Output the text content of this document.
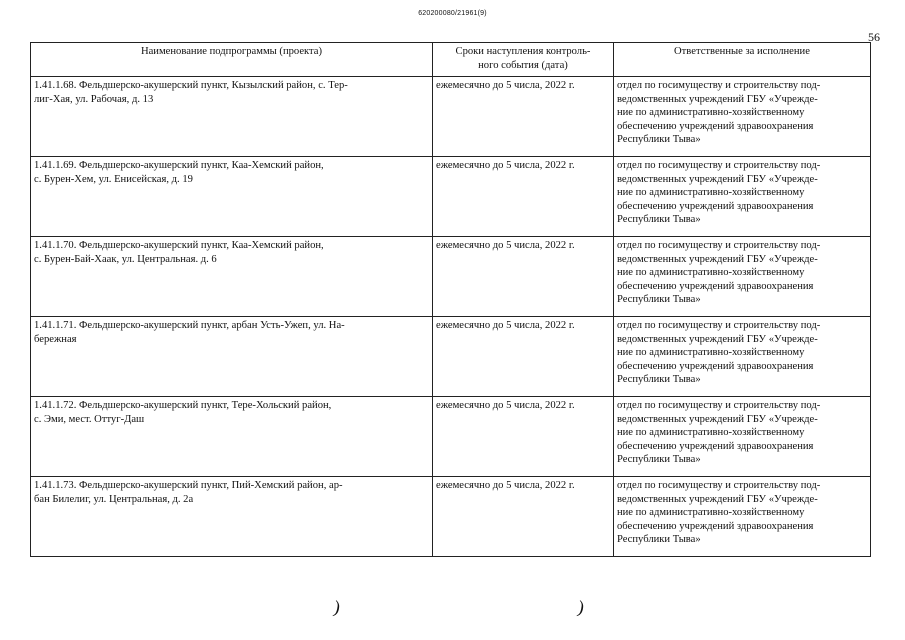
620200080/21961(9)
56
Наименование подпрограммы (проекта)	Сроки наступления контроль-
ного события (дата)	Ответственные за исполнение
1.41.1.68. Фельдшерско-акушерский пункт, Кызылский район, с. Тер-
лиг-Хая, ул. Рабочая, д. 13	ежемесячно до 5 числа, 2022 г.	отдел по госимуществу и строительству под-
ведомственных учреждений ГБУ «Учрежде-
ние по административно-хозяйственному
обеспечению учреждений здравоохранения
Республики Тыва»
1.41.1.69. Фельдшерско-акушерский пункт, Каа-Хемский район,
с. Бурен-Хем, ул. Енисейская, д. 19	ежемесячно до 5 числа, 2022 г.	отдел по госимуществу и строительству под-
ведомственных учреждений ГБУ «Учрежде-
ние по административно-хозяйственному
обеспечению учреждений здравоохранения
Республики Тыва»
1.41.1.70. Фельдшерско-акушерский пункт, Каа-Хемский район,
с. Бурен-Бай-Хаак, ул. Центральная. д. 6	ежемесячно до 5 числа, 2022 г.	отдел по госимуществу и строительству под-
ведомственных учреждений ГБУ «Учрежде-
ние по административно-хозяйственному
обеспечению учреждений здравоохранения
Республики Тыва»
1.41.1.71. Фельдшерско-акушерский пункт, арбан Усть-Ужеп, ул. На-
бережная	ежемесячно до 5 числа, 2022 г.	отдел по госимуществу и строительству под-
ведомственных учреждений ГБУ «Учрежде-
ние по административно-хозяйственному
обеспечению учреждений здравоохранения
Республики Тыва»
1.41.1.72. Фельдшерско-акушерский пункт, Тере-Хольский район,
с. Эми, мест. Оттуг-Даш	ежемесячно до 5 числа, 2022 г.	отдел по госимуществу и строительству под-
ведомственных учреждений ГБУ «Учрежде-
ние по административно-хозяйственному
обеспечению учреждений здравоохранения
Республики Тыва»
1.41.1.73. Фельдшерско-акушерский пункт, Пий-Хемский район, ар-
бан Билелиг, ул. Центральная, д. 2а	ежемесячно до 5 числа, 2022 г.	отдел по госимуществу и строительству под-
ведомственных учреждений ГБУ «Учрежде-
ние по административно-хозяйственному
обеспечению учреждений здравоохранения
Республики Тыва»
)	)
